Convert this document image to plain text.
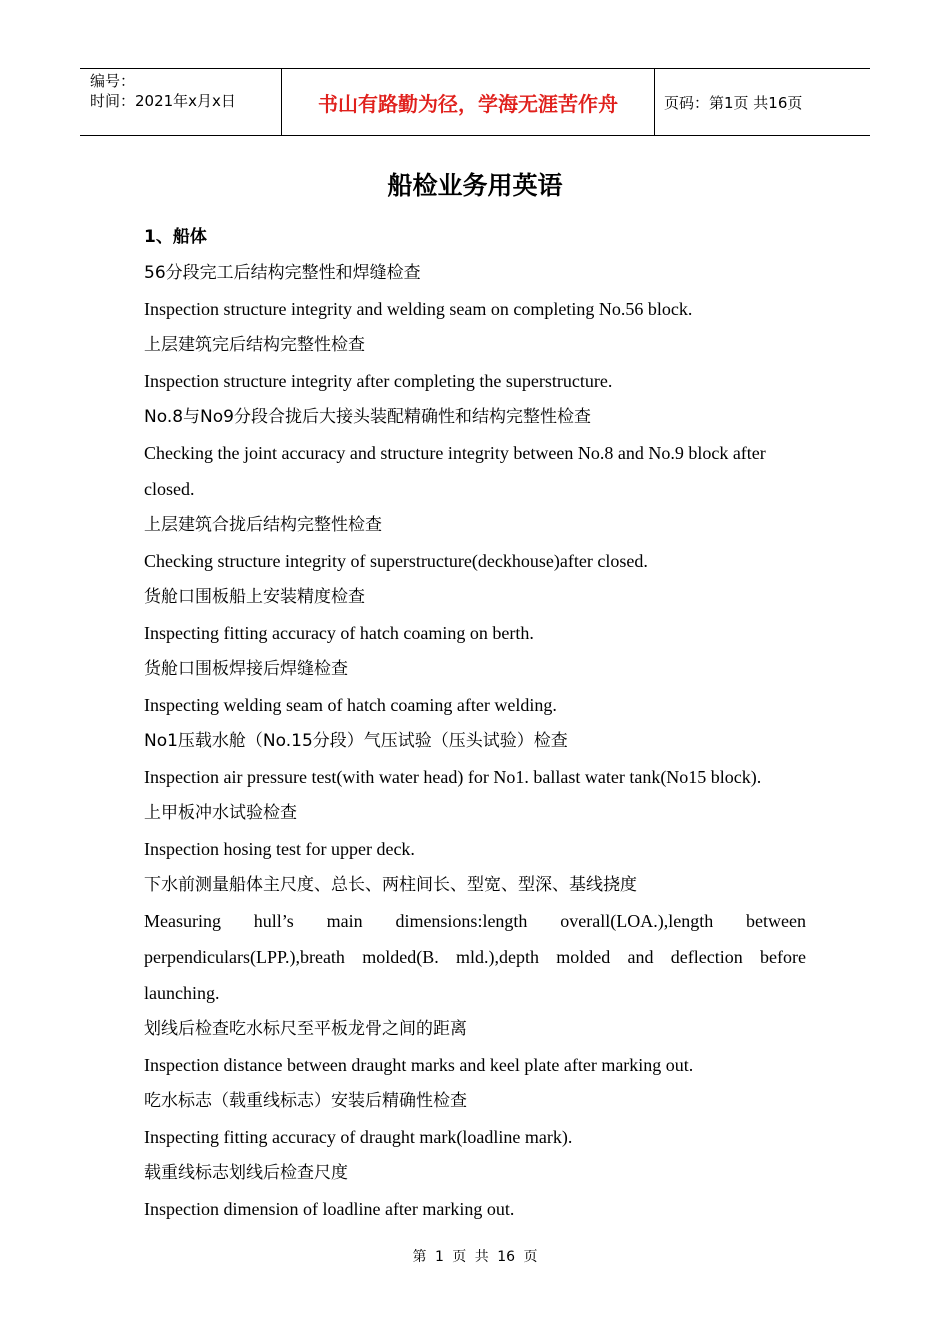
编号：
时间：2021年x月x日	书山有路勤为径，学海无涯苦作舟	页码：第1页 共16页
船检业务用英语
1、船体

56分段完工后结构完整性和焊缝检查

Inspection structure integrity and welding seam on completing No.56 block.

上层建筑完后结构完整性检查

Inspection structure integrity after completing the superstructure.

No.8与No9分段合拢后大接头装配精确性和结构完整性检查

Checking the joint accuracy and structure integrity between No.8 and No.9 block after closed.

上层建筑合拢后结构完整性检查

Checking structure integrity of superstructure(deckhouse)after closed.

货舱口围板船上安装精度检查

Inspecting fitting accuracy of hatch coaming on berth.

货舱口围板焊接后焊缝检查

Inspecting welding seam of hatch coaming after welding.

No1压载水舱（No.15分段）气压试验（压头试验）检查

Inspection air pressure test(with water head) for No1. ballast water tank(No15 block).

上甲板冲水试验检查

Inspection hosing test for upper deck.

下水前测量船体主尺度、总长、两柱间长、型宽、型深、基线挠度

Measuring hull’s main dimensions:length overall(LOA.),length between perpendiculars(LPP.),breath molded(B. mld.),depth molded and deflection before launching.

划线后检查吃水标尺至平板龙骨之间的距离

Inspection distance between draught marks and keel plate after marking out.

吃水标志（载重线标志）安装后精确性检查

Inspecting fitting accuracy of draught mark(loadline mark).

载重线标志划线后检查尺度

Inspection dimension of loadline after marking out.

第 1 页 共 16 页
